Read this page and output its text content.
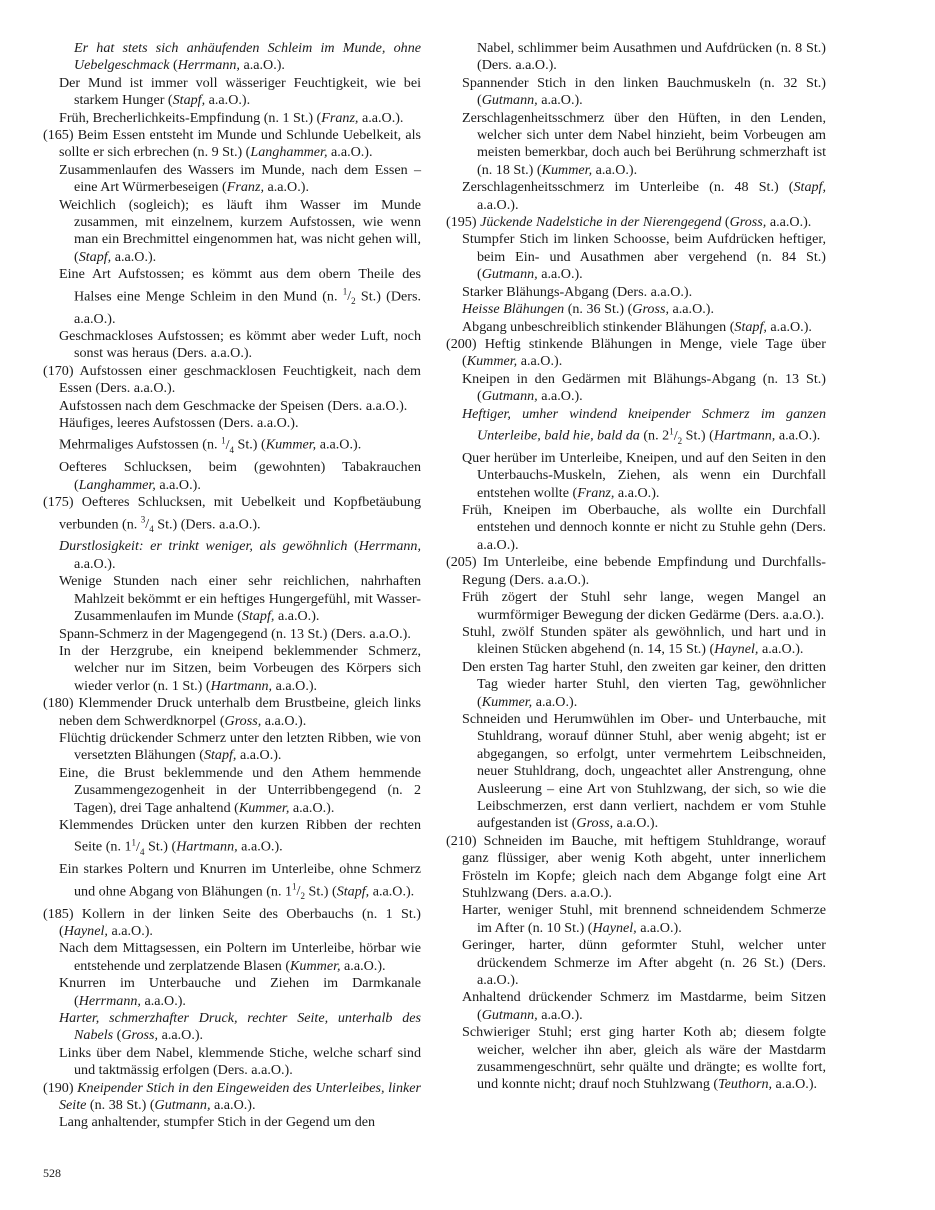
Er hat stets sich anhäufenden Schleim im Munde, ohne Uebelgeschmack (Herrmann, a.a.O.).

Der Mund ist immer voll wässeriger Feuchtigkeit, wie bei starkem Hunger (Stapf, a.a.O.).

Früh, Brecherlichkeits-Empfindung (n. 1 St.) (Franz, a.a.O.).

(165) Beim Essen entsteht im Munde und Schlunde Uebelkeit, als sollte er sich erbrechen (n. 9 St.) (Langhammer, a.a.O.).

Zusammenlaufen des Wassers im Munde, nach dem Essen – eine Art Würmerbeseigen (Franz, a.a.O.).

Weichlich (sogleich); es läuft ihm Wasser im Munde zusammen, mit einzelnem, kurzem Aufstossen, wie wenn man ein Brechmittel eingenommen hat, was nicht gehen will, (Stapf, a.a.O.).

Eine Art Aufstossen; es kömmt aus dem obern Theile des Halses eine Menge Schleim in den Mund (n. $^1/_2$ St.) (Ders. a.a.O.).

Geschmackloses Aufstossen; es kömmt aber weder Luft, noch sonst was heraus (Ders. a.a.O.).

(170) Aufstossen einer geschmacklosen Feuchtigkeit, nach dem Essen (Ders. a.a.O.).

Aufstossen nach dem Geschmacke der Speisen (Ders. a.a.O.).

Häufiges, leeres Aufstossen (Ders. a.a.O.).

Mehrmaliges Aufstossen (n. $^1/_4$ St.) (Kummer, a.a.O.).

Oefteres Schlucksen, beim (gewohnten) Tabakrauchen (Langhammer, a.a.O.).

(175) Oefteres Schlucksen, mit Uebelkeit und Kopfbetäubung verbunden (n. $^3/_4$ St.) (Ders. a.a.O.).

Durstlosigkeit: er trinkt weniger, als gewöhnlich (Herrmann, a.a.O.).

Wenige Stunden nach einer sehr reichlichen, nahrhaften Mahlzeit bekömmt er ein heftiges Hungergefühl, mit Wasser-Zusammenlaufen im Munde (Stapf, a.a.O.).

Spann-Schmerz in der Magengegend (n. 13 St.) (Ders. a.a.O.).

In der Herzgrube, ein kneipend beklemmender Schmerz, welcher nur im Sitzen, beim Vorbeugen des Körpers sich wieder verlor (n. 1 St.) (Hartmann, a.a.O.).

(180) Klemmender Druck unterhalb dem Brustbeine, gleich links neben dem Schwerdknorpel (Gross, a.a.O.).

Flüchtig drückender Schmerz unter den letzten Ribben, wie von versetzten Blähungen (Stapf, a.a.O.).

Eine, die Brust beklemmende und den Athem hemmende Zusammengezogenheit in der Unterribbengegend (n. 2 Tagen), drei Tage anhaltend (Kummer, a.a.O.).

Klemmendes Drücken unter den kurzen Ribben der rechten Seite (n. $1^1/_4$ St.) (Hartmann, a.a.O.).

Ein starkes Poltern und Knurren im Unterleibe, ohne Schmerz und ohne Abgang von Blähungen (n. $1^1/_2$ St.) (Stapf, a.a.O.).

(185) Kollern in der linken Seite des Oberbauchs (n. 1 St.) (Haynel, a.a.O.).

Nach dem Mittagsessen, ein Poltern im Unterleibe, hörbar wie entstehende und zerplatzende Blasen (Kummer, a.a.O.).

Knurren im Unterbauche und Ziehen im Darmkanale (Herrmann, a.a.O.).

Harter, schmerzhafter Druck, rechter Seite, unterhalb des Nabels (Gross, a.a.O.).

Links über dem Nabel, klemmende Stiche, welche scharf sind und taktmässig erfolgen (Ders. a.a.O.).

(190) Kneipender Stich in den Eingeweiden des Unterleibes, linker Seite (n. 38 St.) (Gutmann, a.a.O.).

Lang anhaltender, stumpfer Stich in der Gegend um den

Nabel, schlimmer beim Ausathmen und Aufdrücken (n. 8 St.) (Ders. a.a.O.).

Spannender Stich in den linken Bauchmuskeln (n. 32 St.) (Gutmann, a.a.O.).

Zerschlagenheitsschmerz über den Hüften, in den Lenden, welcher sich unter dem Nabel hinzieht, beim Vorbeugen am meisten bemerkbar, doch auch bei Berührung schmerzhaft ist (n. 18 St.) (Kummer, a.a.O.).

Zerschlagenheitsschmerz im Unterleibe (n. 48 St.) (Stapf, a.a.O.).

(195) Jückende Nadelstiche in der Nierengegend (Gross, a.a.O.).

Stumpfer Stich im linken Schoosse, beim Aufdrücken heftiger, beim Ein- und Ausathmen aber vergehend (n. 84 St.) (Gutmann, a.a.O.).

Starker Blähungs-Abgang (Ders. a.a.O.).

Heisse Blähungen (n. 36 St.) (Gross, a.a.O.).

Abgang unbeschreiblich stinkender Blähungen (Stapf, a.a.O.).

(200) Heftig stinkende Blähungen in Menge, viele Tage über (Kummer, a.a.O.).

Kneipen in den Gedärmen mit Blähungs-Abgang (n. 13 St.) (Gutmann, a.a.O.).

Heftiger, umher windend kneipender Schmerz im ganzen Unterleibe, bald hie, bald da (n. $2^1/_2$ St.) (Hartmann, a.a.O.).

Quer herüber im Unterleibe, Kneipen, und auf den Seiten in den Unterbauchs-Muskeln, Ziehen, als wenn ein Durchfall entstehen wollte (Franz, a.a.O.).

Früh, Kneipen im Oberbauche, als wollte ein Durchfall entstehen und dennoch konnte er nicht zu Stuhle gehn (Ders. a.a.O.).

(205) Im Unterleibe, eine bebende Empfindung und Durchfalls-Regung (Ders. a.a.O.).

Früh zögert der Stuhl sehr lange, wegen Mangel an wurmförmiger Bewegung der dicken Gedärme (Ders. a.a.O.).

Stuhl, zwölf Stunden später als gewöhnlich, und hart und in kleinen Stücken abgehend (n. 14, 15 St.) (Haynel, a.a.O.).

Den ersten Tag harter Stuhl, den zweiten gar keiner, den dritten Tag wieder harter Stuhl, den vierten Tag, gewöhnlicher (Kummer, a.a.O.).

Schneiden und Herumwühlen im Ober- und Unterbauche, mit Stuhldrang, worauf dünner Stuhl, aber wenig abgeht; ist er abgegangen, so erfolgt, unter vermehrtem Leibschneiden, neuer Stuhldrang, doch, ungeachtet aller Anstrengung, ohne Ausleerung – eine Art von Stuhlzwang, der sich, so wie die Leibschmerzen, erst dann verliert, nachdem er vom Stuhle aufgestanden ist (Gross, a.a.O.).

(210) Schneiden im Bauche, mit heftigem Stuhldrange, worauf ganz flüssiger, aber wenig Koth abgeht, unter innerlichem Frösteln im Kopfe; gleich nach dem Abgange folgt eine Art Stuhlzwang (Ders. a.a.O.).

Harter, weniger Stuhl, mit brennend schneidendem Schmerze im After (n. 10 St.) (Haynel, a.a.O.).

Geringer, harter, dünn geformter Stuhl, welcher unter drückendem Schmerze im After abgeht (n. 26 St.) (Ders. a.a.O.).

Anhaltend drückender Schmerz im Mastdarme, beim Sitzen (Gutmann, a.a.O.).

Schwieriger Stuhl; erst ging harter Koth ab; diesem folgte weicher, welcher ihn aber, gleich als wäre der Mastdarm zusammengeschnürt, sehr quälte und drängte; es wollte fort, und konnte nicht; drauf noch Stuhlzwang (Teuthorn, a.a.O.).

528
